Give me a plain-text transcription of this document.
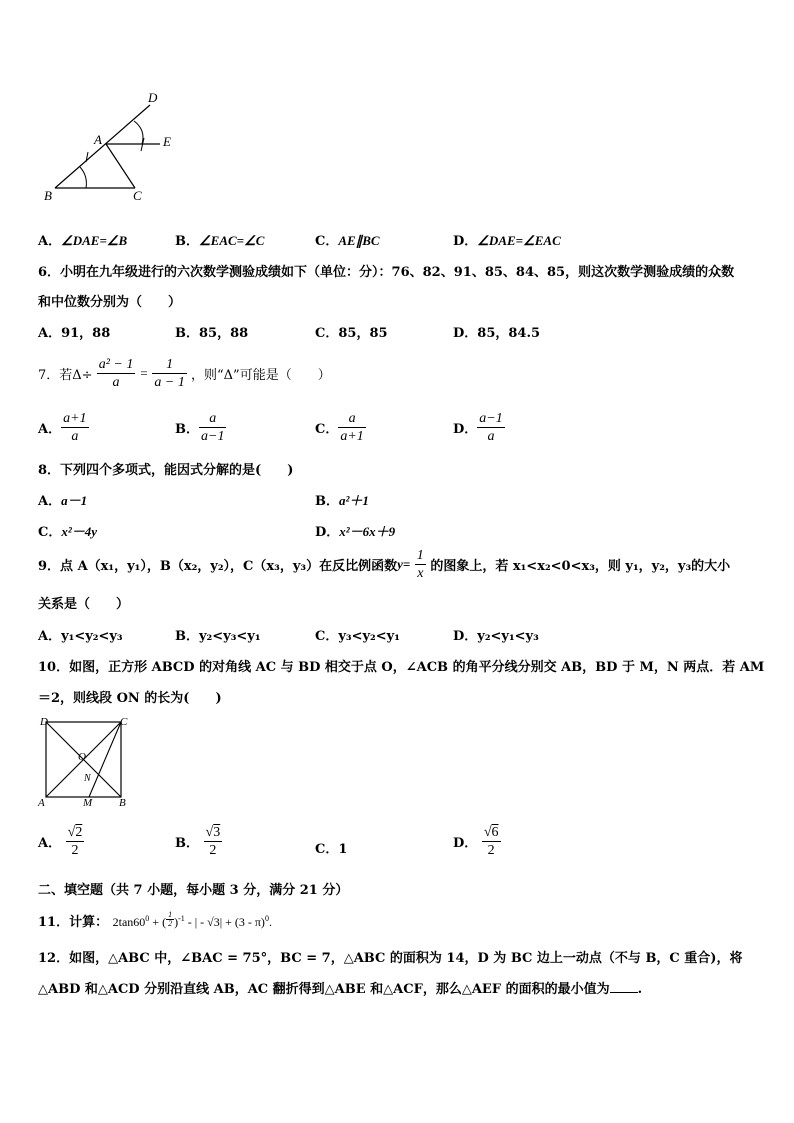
D
A	E
B	C
A．∠DAE=∠B	B．∠EAC=∠C	C．AE∥BC	D．∠DAE=∠EAC
6．小明在九年级进行的六次数学测验成绩如下（单位：分）：76、82、91、85、84、85，则这次数学测验成绩的众数
和中位数分别为（　　）
A．91，88	B．85，88	C．85，85	D．85，84.5
7．若$\Delta\div \frac{\text{a² − 1}}{a} = \frac{1}{a - 1}$ ，则“Δ”可能是（　　）
A． $\frac{a+1}{a}$	B． $\frac{a}{a-1}$	C． $\frac{a}{a+1}$	D． $\frac{a-1}{a}$
8．下列四个多项式，能因式分解的是(　　)
A．a－1	B．a²＋1
C．x²－4y	D．x²－6x＋9
9．点 A（x₁，y₁），B（x₂，y₂），C（x₃，y₃）在反比例函数$y= \frac{1}{x}$ 的图象上，若 x₁<x₂<0<x₃，则 y₁，y₂，y₃的大小
关系是（　　）
A．y₁<y₂<y₃	B．y₂<y₃<y₁	C．y₃<y₂<y₁	D．y₂<y₁<y₃
10．如图，正方形 ABCD 的对角线 AC 与 BD 相交于点 O，∠ACB 的角平分线分别交 AB，BD 于 M，N 两点．若 AM
＝2，则线段 ON 的长为(　　)
D	C
O
N
A	M B
A． $\frac{√2}{2}$	B． $\frac{√3}{2}$	C．1	D． $\frac{√6}{2}$
二、填空题（共 7 小题，每小题 3 分，满分 21 分）
11．计算： $2\tan 60^0$ + ( $\frac{1}{2} )^{-1}$ - | - √3| + (3 - π)$^0$.
12．如图，△ABC 中，∠BAC = 75°，BC = 7，△ABC 的面积为 14，D 为 BC 边上一动点（不与 B，C 重合)，将
△ABD 和△ACD 分别沿直线 AB，AC 翻折得到△ABE 和△ACF，那么△AEF 的面积的最小值为 .
